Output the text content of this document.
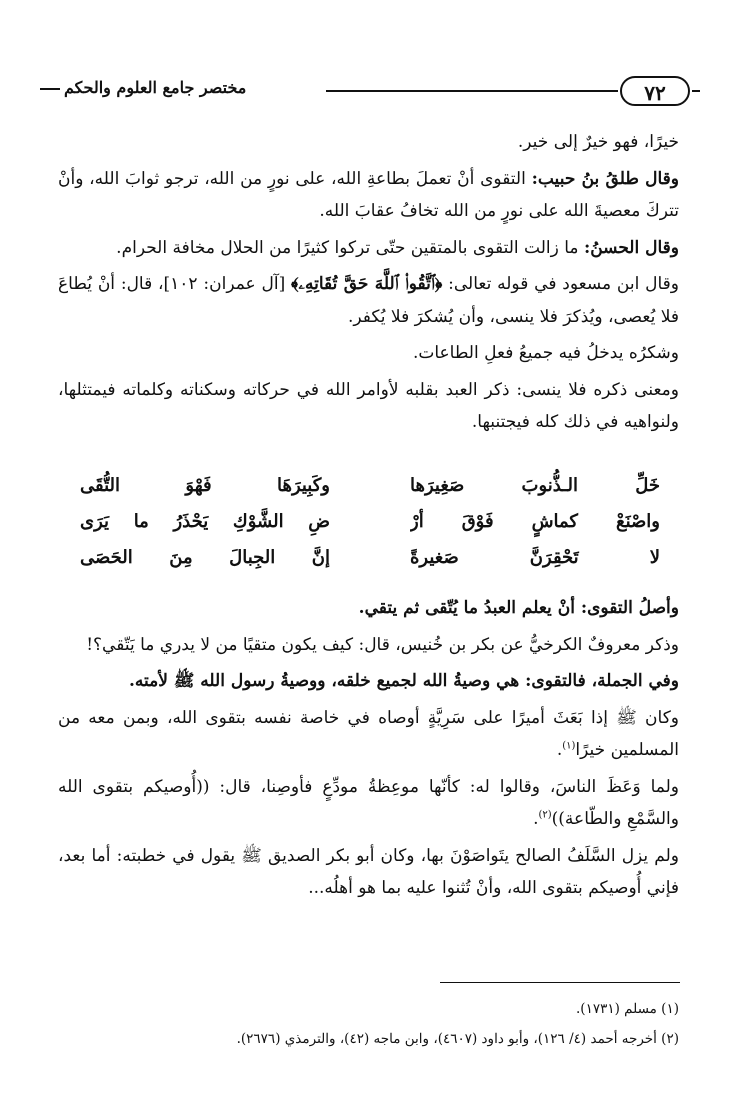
٧٢
مختصر جامع العلوم والحكم

خيرًا، فهو خيرٌ إلى خير.

وقال طلقُ بنُ حبيب: التقوى أنْ تعملَ بطاعةِ الله، على نورٍ من الله، ترجو ثوابَ الله، وأنْ تتركَ معصيةَ الله على نورٍ من الله تخافُ عقابَ الله.

وقال الحسنُ: ما زالت التقوى بالمتقين حتّى تركوا كثيرًا من الحلال مخافة الحرام.

وقال ابن مسعود في قوله تعالى: ﴿ٱتَّقُوا۟ ٱللَّهَ حَقَّ تُقَاتِهِۦ﴾ [آل عمران: ١٠٢]، قال: أنْ يُطاعَ فلا يُعصى، ويُذكرَ فلا ينسى، وأن يُشكرَ فلا يُكفر.

وشكرُه يدخلُ فيه جميعُ فعلِ الطاعات.

ومعنى ذكره فلا ينسى: ذكر العبد بقلبه لأوامر الله في حركاته وسكناته وكلماته فيمتثلها، ولنواهيه في ذلك كله فيجتنبها.

خَلِّ الـذُّنوبَ صَغِيرَها
وكَبِيرَهَا فَهْوَ التُّقَى
واصْنَعْ كماشٍ فَوْقَ أرْ
ضِ الشَّوْكِ يَحْذَرُ ما يَرَى
لا تَحْقِرَنَّ صَغيرةً
إنَّ الجِبالَ مِنَ الحَصَى

وأصلُ التقوى: أنْ يعلم العبدُ ما يُتّقى ثم يتقي.

وذكر معروفٌ الكرخيُّ عن بكر بن خُنيس، قال: كيف يكون متقيًا من لا يدري ما يَتّقي؟!

وفي الجملة، فالتقوى: هي وصيةُ الله لجميع خلقه، ووصيةُ رسول الله ﷺ لأمته.

وكان ﷺ إذا بَعَثَ أميرًا على سَرِيَّةٍ أوصاه في خاصة نفسه بتقوى الله، وبمن معه من المسلمين خيرًا$^{(١)}$.

ولما وَعَظَ الناسَ، وقالوا له: كأنّها موعِظةُ مودِّعٍ فأوصِنا، قال: ((أُوصيكم بتقوى الله والسَّمْعِ والطّاعة))$^{(٢)}$.

ولم يزل السَّلَفُ الصالح يتَواصَوْنَ بها، وكان أبو بكر الصديق ﷺ يقول في خطبته: أما بعد، فإني أُوصيكم بتقوى الله، وأنْ تُثنوا عليه بما هو أهلُه...

(١) مسلم (١٧٣١).
(٢) أخرجه أحمد (٤/ ١٢٦)، وأبو داود (٤٦٠٧)، وابن ماجه (٤٢)، والترمذي (٢٦٧٦).
